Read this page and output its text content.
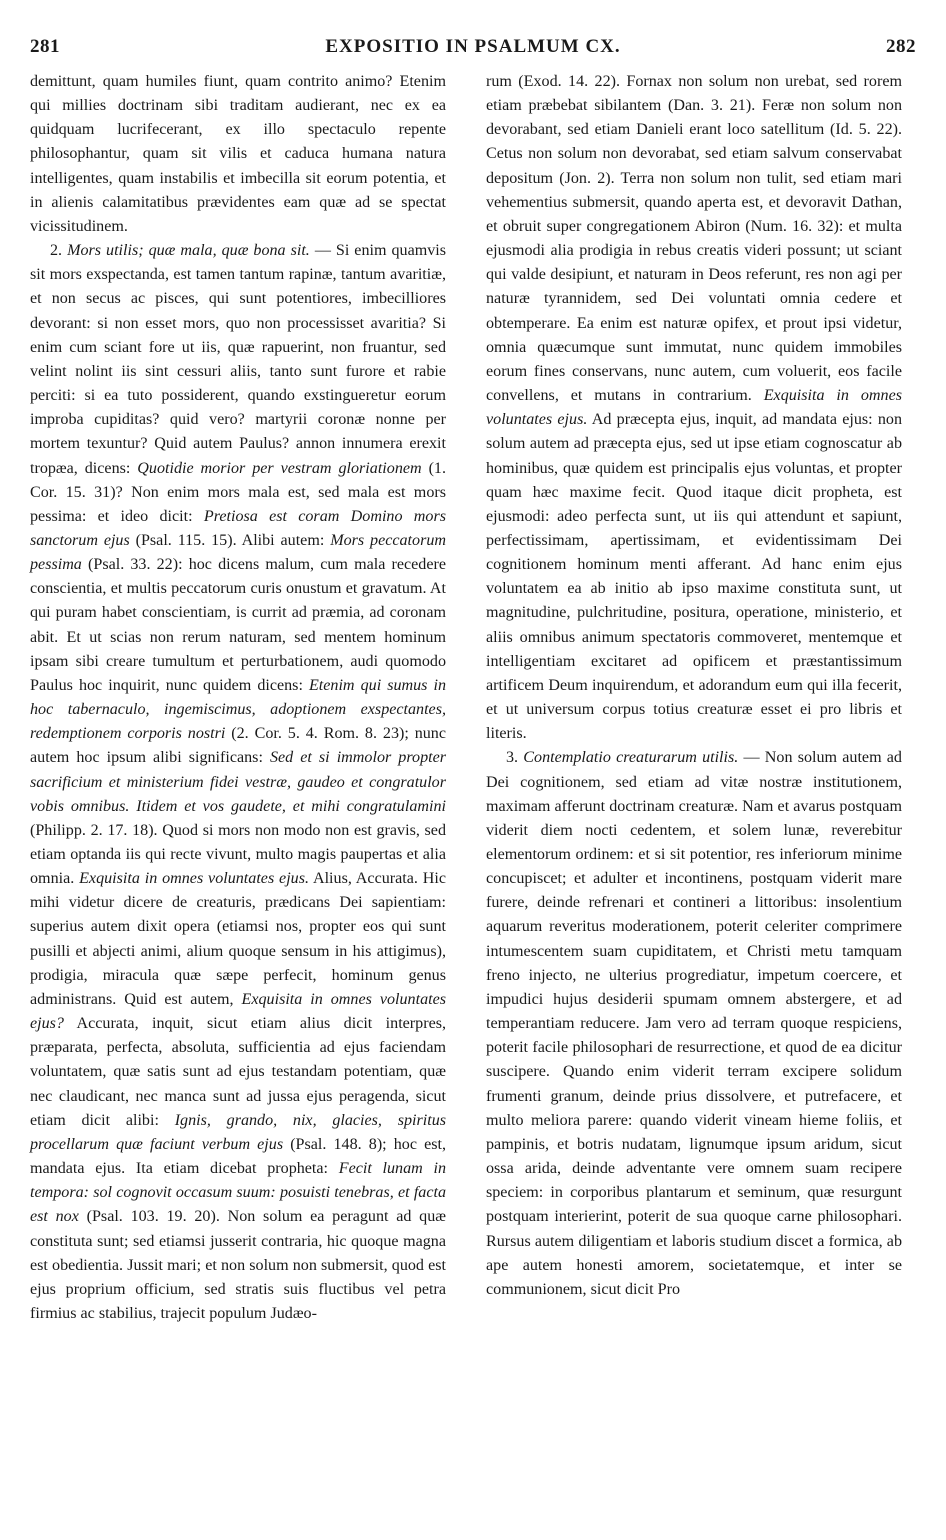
281	EXPOSITIO IN PSALMUM CX.	282

demittunt, quam humiles fiunt, quam contrito animo? Etenim qui millies doctrinam sibi traditam audierant, nec ex ea quidquam lucrifecerant, ex illo spectaculo repente philosophantur, quam sit vilis et caduca humana natura intelligentes, quam instabilis et imbecilla sit eorum potentia, et in alienis calamitatibus prævidentes eam quæ ad se spectat vicissitudinem.

2. Mors utilis; quæ mala, quæ bona sit. — Si enim quamvis sit mors exspectanda, est tamen tantum rapinæ, tantum avaritiæ, et non secus ac pisces, qui sunt potentiores, imbecilliores devorant: si non esset mors, quo non processisset avaritia? Si enim cum sciant fore ut iis, quæ rapuerint, non fruantur, sed velint nolint iis sint cessuri aliis, tanto sunt furore et rabie perciti: si ea tuto possiderent, quando exstingueretur eorum improba cupiditas? quid vero? martyrii coronæ nonne per mortem texuntur? Quid autem Paulus? annon innumera erexit tropæa, dicens: Quotidie morior per vestram gloriationem (1. Cor. 15. 31)? Non enim mors mala est, sed mala est mors pessima: et ideo dicit: Pretiosa est coram Domino mors sanctorum ejus (Psal. 115. 15). Alibi autem: Mors peccatorum pessima (Psal. 33. 22): hoc dicens malum, cum mala recedere conscientia, et multis peccatorum curis onustum et gravatum. At qui puram habet conscientiam, is currit ad præmia, ad coronam abit. Et ut scias non rerum naturam, sed mentem hominum ipsam sibi creare tumultum et perturbationem, audi quomodo Paulus hoc inquirit, nunc quidem dicens: Etenim qui sumus in hoc tabernaculo, ingemiscimus, adoptionem exspectantes, redemptionem corporis nostri (2. Cor. 5. 4. Rom. 8. 23); nunc autem hoc ipsum alibi significans: Sed et si immolor propter sacrificium et ministerium fidei vestræ, gaudeo et congratulor vobis omnibus. Itidem et vos gaudete, et mihi congratulamini (Philipp. 2. 17. 18). Quod si mors non modo non est gravis, sed etiam optanda iis qui recte vivunt, multo magis paupertas et alia omnia. Exquisita in omnes voluntates ejus. Alius, Accurata. Hic mihi videtur dicere de creaturis, prædicans Dei sapientiam: superius autem dixit opera (etiamsi nos, propter eos qui sunt pusilli et abjecti animi, alium quoque sensum in his attigimus), prodigia, miracula quæ sæpe perfecit, hominum genus administrans. Quid est autem, Exquisita in omnes voluntates ejus? Accurata, inquit, sicut etiam alius dicit interpres, præparata, perfecta, absoluta, sufficientia ad ejus faciendam voluntatem, quæ satis sunt ad ejus testandam potentiam, quæ nec claudicant, nec manca sunt ad jussa ejus peragenda, sicut etiam dicit alibi: Ignis, grando, nix, glacies, spiritus procellarum quæ faciunt verbum ejus (Psal. 148. 8); hoc est, mandata ejus. Ita etiam dicebat propheta: Fecit lunam in tempora: sol cognovit occasum suum: posuisti tenebras, et facta est nox (Psal. 103. 19. 20). Non solum ea peragunt ad quæ constituta sunt; sed etiamsi jusserit contraria, hic quoque magna est obedientia. Jussit mari; et non solum non submersit, quod est ejus proprium officium, sed stratis suis fluctibus vel petra firmius ac stabilius, trajecit populum Judæo-

rum (Exod. 14. 22). Fornax non solum non urebat, sed rorem etiam præbebat sibilantem (Dan. 3. 21). Feræ non solum non devorabant, sed etiam Danieli erant loco satellitum (Id. 5. 22). Cetus non solum non devorabat, sed etiam salvum conservabat depositum (Jon. 2). Terra non solum non tulit, sed etiam mari vehementius submersit, quando aperta est, et devoravit Dathan, et obruit super congregationem Abiron (Num. 16. 32): et multa ejusmodi alia prodigia in rebus creatis videri possunt; ut sciant qui valde desipiunt, et naturam in Deos referunt, res non agi per naturæ tyrannidem, sed Dei voluntati omnia cedere et obtemperare. Ea enim est naturæ opifex, et prout ipsi videtur, omnia quæcumque sunt immutat, nunc quidem immobiles eorum fines conservans, nunc autem, cum voluerit, eos facile convellens, et mutans in contrarium. Exquisita in omnes voluntates ejus. Ad præcepta ejus, inquit, ad mandata ejus: non solum autem ad præcepta ejus, sed ut ipse etiam cognoscatur ab hominibus, quæ quidem est principalis ejus voluntas, et propter quam hæc maxime fecit. Quod itaque dicit propheta, est ejusmodi: adeo perfecta sunt, ut iis qui attendunt et sapiunt, perfectissimam, apertissimam, et evidentissimam Dei cognitionem hominum menti afferant. Ad hanc enim ejus voluntatem ea ab initio ab ipso maxime constituta sunt, ut magnitudine, pulchritudine, positura, operatione, ministerio, et aliis omnibus animum spectatoris commoveret, mentemque et intelligentiam excitaret ad opificem et præstantissimum artificem Deum inquirendum, et adorandum eum qui illa fecerit, et ut universum corpus totius creaturæ esset ei pro libris et literis.

3. Contemplatio creaturarum utilis. — Non solum autem ad Dei cognitionem, sed etiam ad vitæ nostræ institutionem, maximam afferunt doctrinam creaturæ. Nam et avarus postquam viderit diem nocti cedentem, et solem lunæ, reverebitur elementorum ordinem: et si sit potentior, res inferiorum minime concupiscet; et adulter et incontinens, postquam viderit mare furere, deinde refrenari et contineri a littoribus: insolentium aquarum reveritus moderationem, poterit celeriter comprimere intumescentem suam cupiditatem, et Christi metu tamquam freno injecto, ne ulterius progrediatur, impetum coercere, et impudici hujus desiderii spumam omnem abstergere, et ad temperantiam reducere. Jam vero ad terram quoque respiciens, poterit facile philosophari de resurrectione, et quod de ea dicitur suscipere. Quando enim viderit terram excipere solidum frumenti granum, deinde prius dissolvere, et putrefacere, et multo meliora parere: quando viderit vineam hieme foliis, et pampinis, et botris nudatam, lignumque ipsum aridum, sicut ossa arida, deinde adventante vere omnem suam recipere speciem: in corporibus plantarum et seminum, quæ resurgunt postquam interierint, poterit de sua quoque carne philosophari. Rursus autem diligentiam et laboris studium discet a formica, ab ape autem honesti amorem, societatemque, et inter se communionem, sicut dicit Pro
